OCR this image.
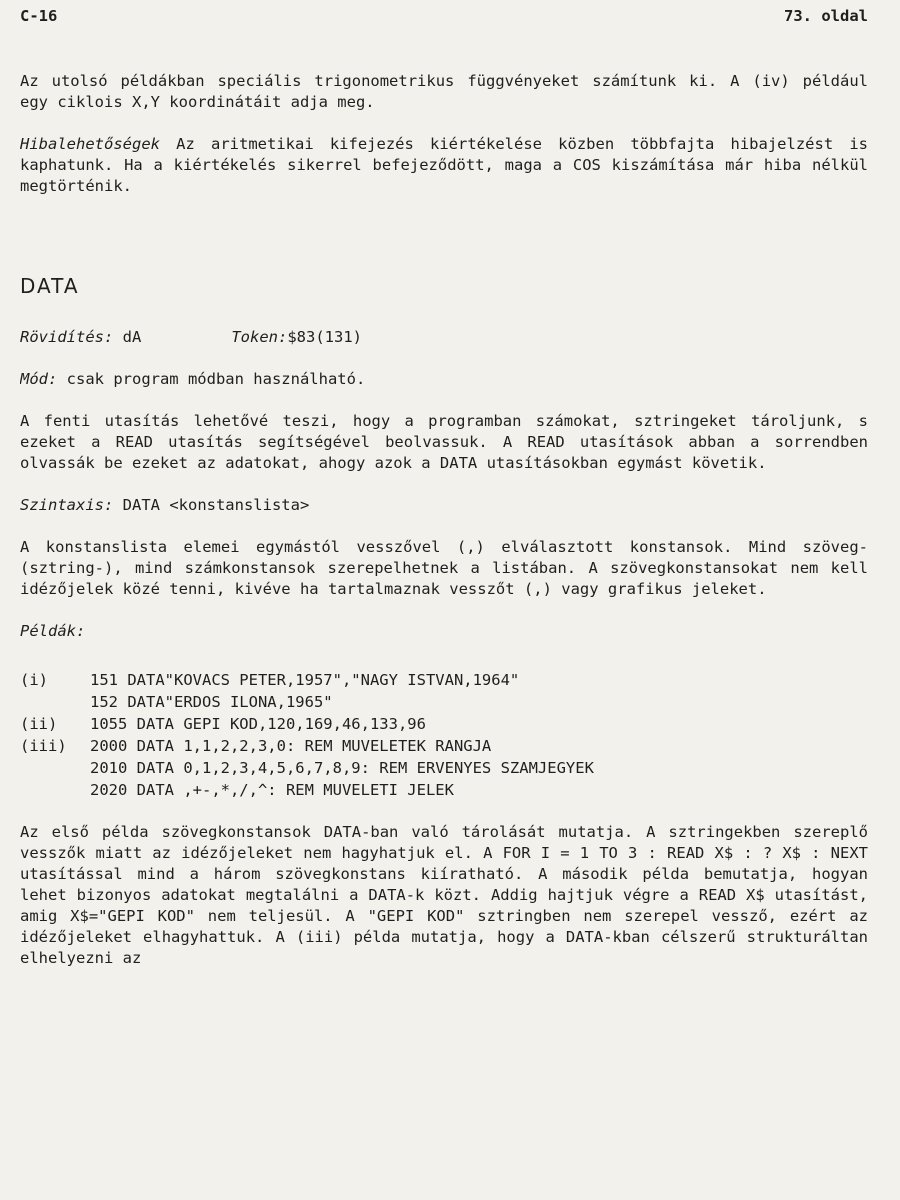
C-16	73. oldal

Az utolsó példákban speciális trigonometrikus függvényeket számítunk ki. A (iv) például egy ciklois X,Y koordinátáit adja meg.

Hibalehetőségek Az aritmetikai kifejezés kiértékelése közben többfajta hibajelzést is kaphatunk. Ha a kiértékelés sikerrel befejeződött, maga a COS kiszámítása már hiba nélkül megtörténik.

DATA
Rövidítés: dA	Token:$83(131)
Mód: csak program módban használható.

A fenti utasítás lehetővé teszi, hogy a programban számokat, sztringeket tároljunk, s ezeket a READ utasítás segítségével beolvassuk. A READ utasítások abban a sorrendben olvassák be ezeket az adatokat, ahogy azok a DATA utasításokban egymást követik.

Szintaxis: DATA <konstanslista>

A konstanslista elemei egymástól vesszővel (,) elválasztott konstansok. Mind szöveg- (sztring-), mind számkonstansok szerepelhetnek a listában. A szövegkonstansokat nem kell idézőjelek közé tenni, kivéve ha tartalmaznak vesszőt (,) vagy grafikus jeleket.

Példák:
(i)	151 DATA"KOVACS PETER,1957","NAGY ISTVAN,1964"
152 DATA"ERDOS ILONA,1965"
(ii)	1055 DATA GEPI KOD,120,169,46,133,96
(iii)	2000 DATA 1,1,2,2,3,0: REM MUVELETEK RANGJA
2010 DATA 0,1,2,3,4,5,6,7,8,9: REM ERVENYES SZAMJEGYEK
2020 DATA ,+-,*,/,^: REM MUVELETI JELEK

Az első példa szövegkonstansok DATA-ban való tárolását mutatja. A sztringekben szereplő vesszők miatt az idézőjeleket nem hagyhatjuk el. A FOR I = 1 TO 3 : READ X$ : ? X$ : NEXT utasítással mind a három szövegkonstans kiíratható. A második példa bemutatja, hogyan lehet bizonyos adatokat megtalálni a DATA-k közt. Addig hajtjuk végre a READ X$ utasítást, amig X$="GEPI KOD" nem teljesül. A "GEPI KOD" sztringben nem szerepel vessző, ezért az idézőjeleket elhagyhattuk. A (iii) példa mutatja, hogy a DATA-kban célszerű strukturáltan elhelyezni az
